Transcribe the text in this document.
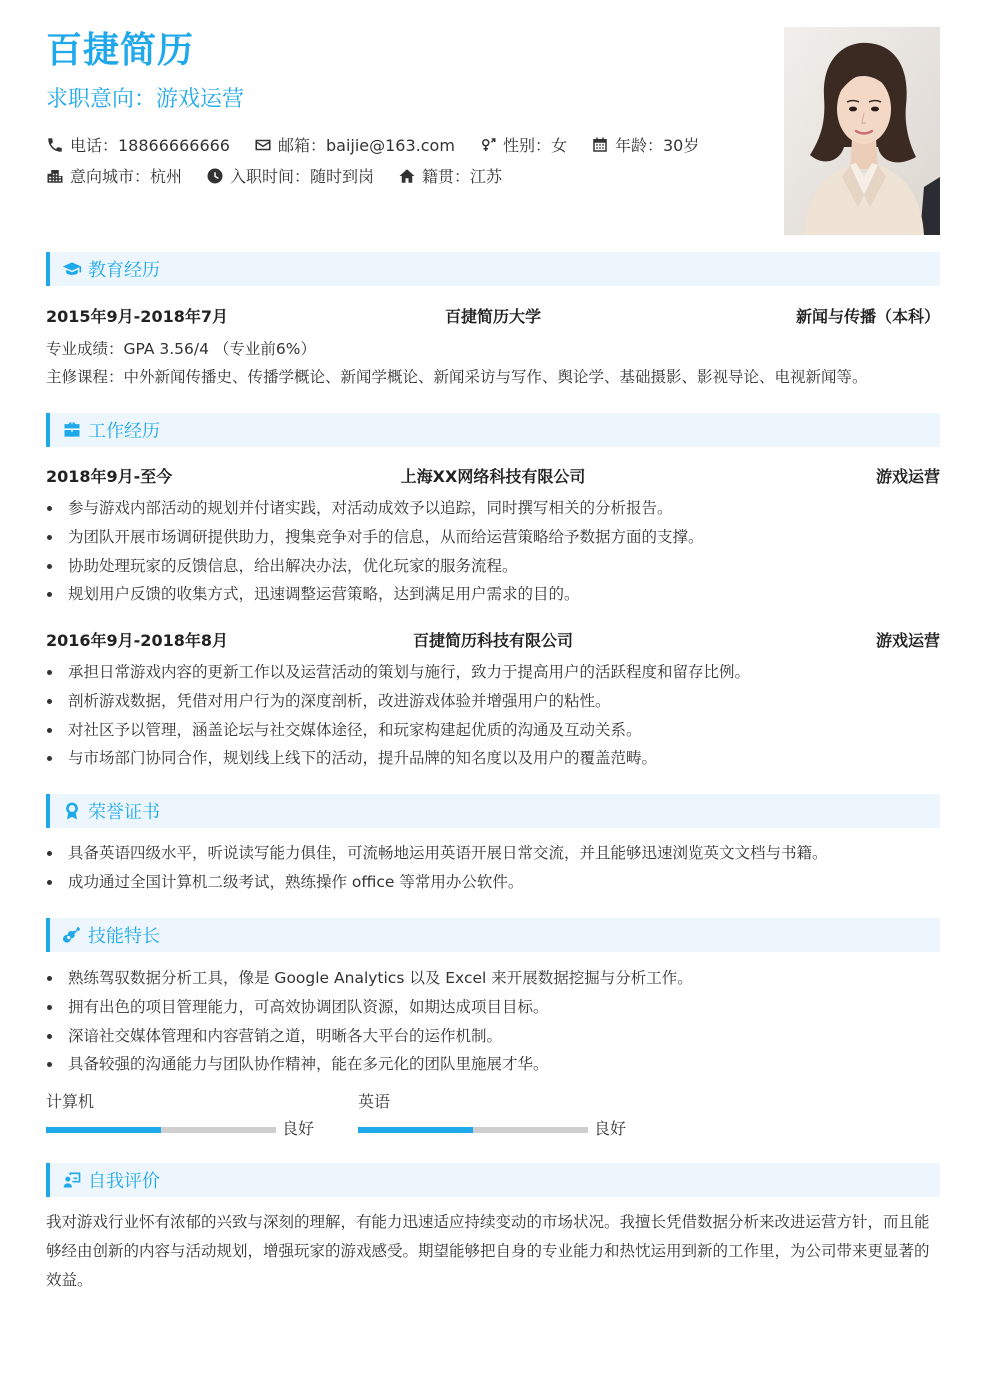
百捷简历
求职意向：游戏运营
电话：18866666666	邮箱：baijie@163.com	性别：女	年龄：30岁
意向城市：杭州	入职时间：随时到岗	籍贯：江苏
教育经历
2015年9月-2018年7月	百捷简历大学	新闻与传播（本科）
专业成绩：GPA 3.56/4 （专业前6%）
主修课程：中外新闻传播史、传播学概论、新闻学概论、新闻采访与写作、舆论学、基础摄影、影视导论、电视新闻等。
工作经历
2018年9月-至今	上海XX网络科技有限公司	游戏运营
参与游戏内部活动的规划并付诸实践，对活动成效予以追踪，同时撰写相关的分析报告。
为团队开展市场调研提供助力，搜集竞争对手的信息，从而给运营策略给予数据方面的支撑。
协助处理玩家的反馈信息，给出解决办法，优化玩家的服务流程。
规划用户反馈的收集方式，迅速调整运营策略，达到满足用户需求的目的。
2016年9月-2018年8月	百捷简历科技有限公司	游戏运营
承担日常游戏内容的更新工作以及运营活动的策划与施行，致力于提高用户的活跃程度和留存比例。
剖析游戏数据，凭借对用户行为的深度剖析，改进游戏体验并增强用户的粘性。
对社区予以管理，涵盖论坛与社交媒体途径，和玩家构建起优质的沟通及互动关系。
与市场部门协同合作，规划线上线下的活动，提升品牌的知名度以及用户的覆盖范畴。
荣誉证书
具备英语四级水平，听说读写能力俱佳，可流畅地运用英语开展日常交流，并且能够迅速浏览英文文档与书籍。
成功通过全国计算机二级考试，熟练操作 office 等常用办公软件。
技能特长
熟练驾驭数据分析工具，像是 Google Analytics 以及 Excel 来开展数据挖掘与分析工作。
拥有出色的项目管理能力，可高效协调团队资源，如期达成项目目标。
深谙社交媒体管理和内容营销之道，明晰各大平台的运作机制。
具备较强的沟通能力与团队协作精神，能在多元化的团队里施展才华。
计算机
良好
英语
良好
自我评价
我对游戏行业怀有浓郁的兴致与深刻的理解，有能力迅速适应持续变动的市场状况。我擅长凭借数据分析来改进运营方针，而且能够经由创新的内容与活动规划，增强玩家的游戏感受。期望能够把自身的专业能力和热忱运用到新的工作里，为公司带来更显著的效益。
